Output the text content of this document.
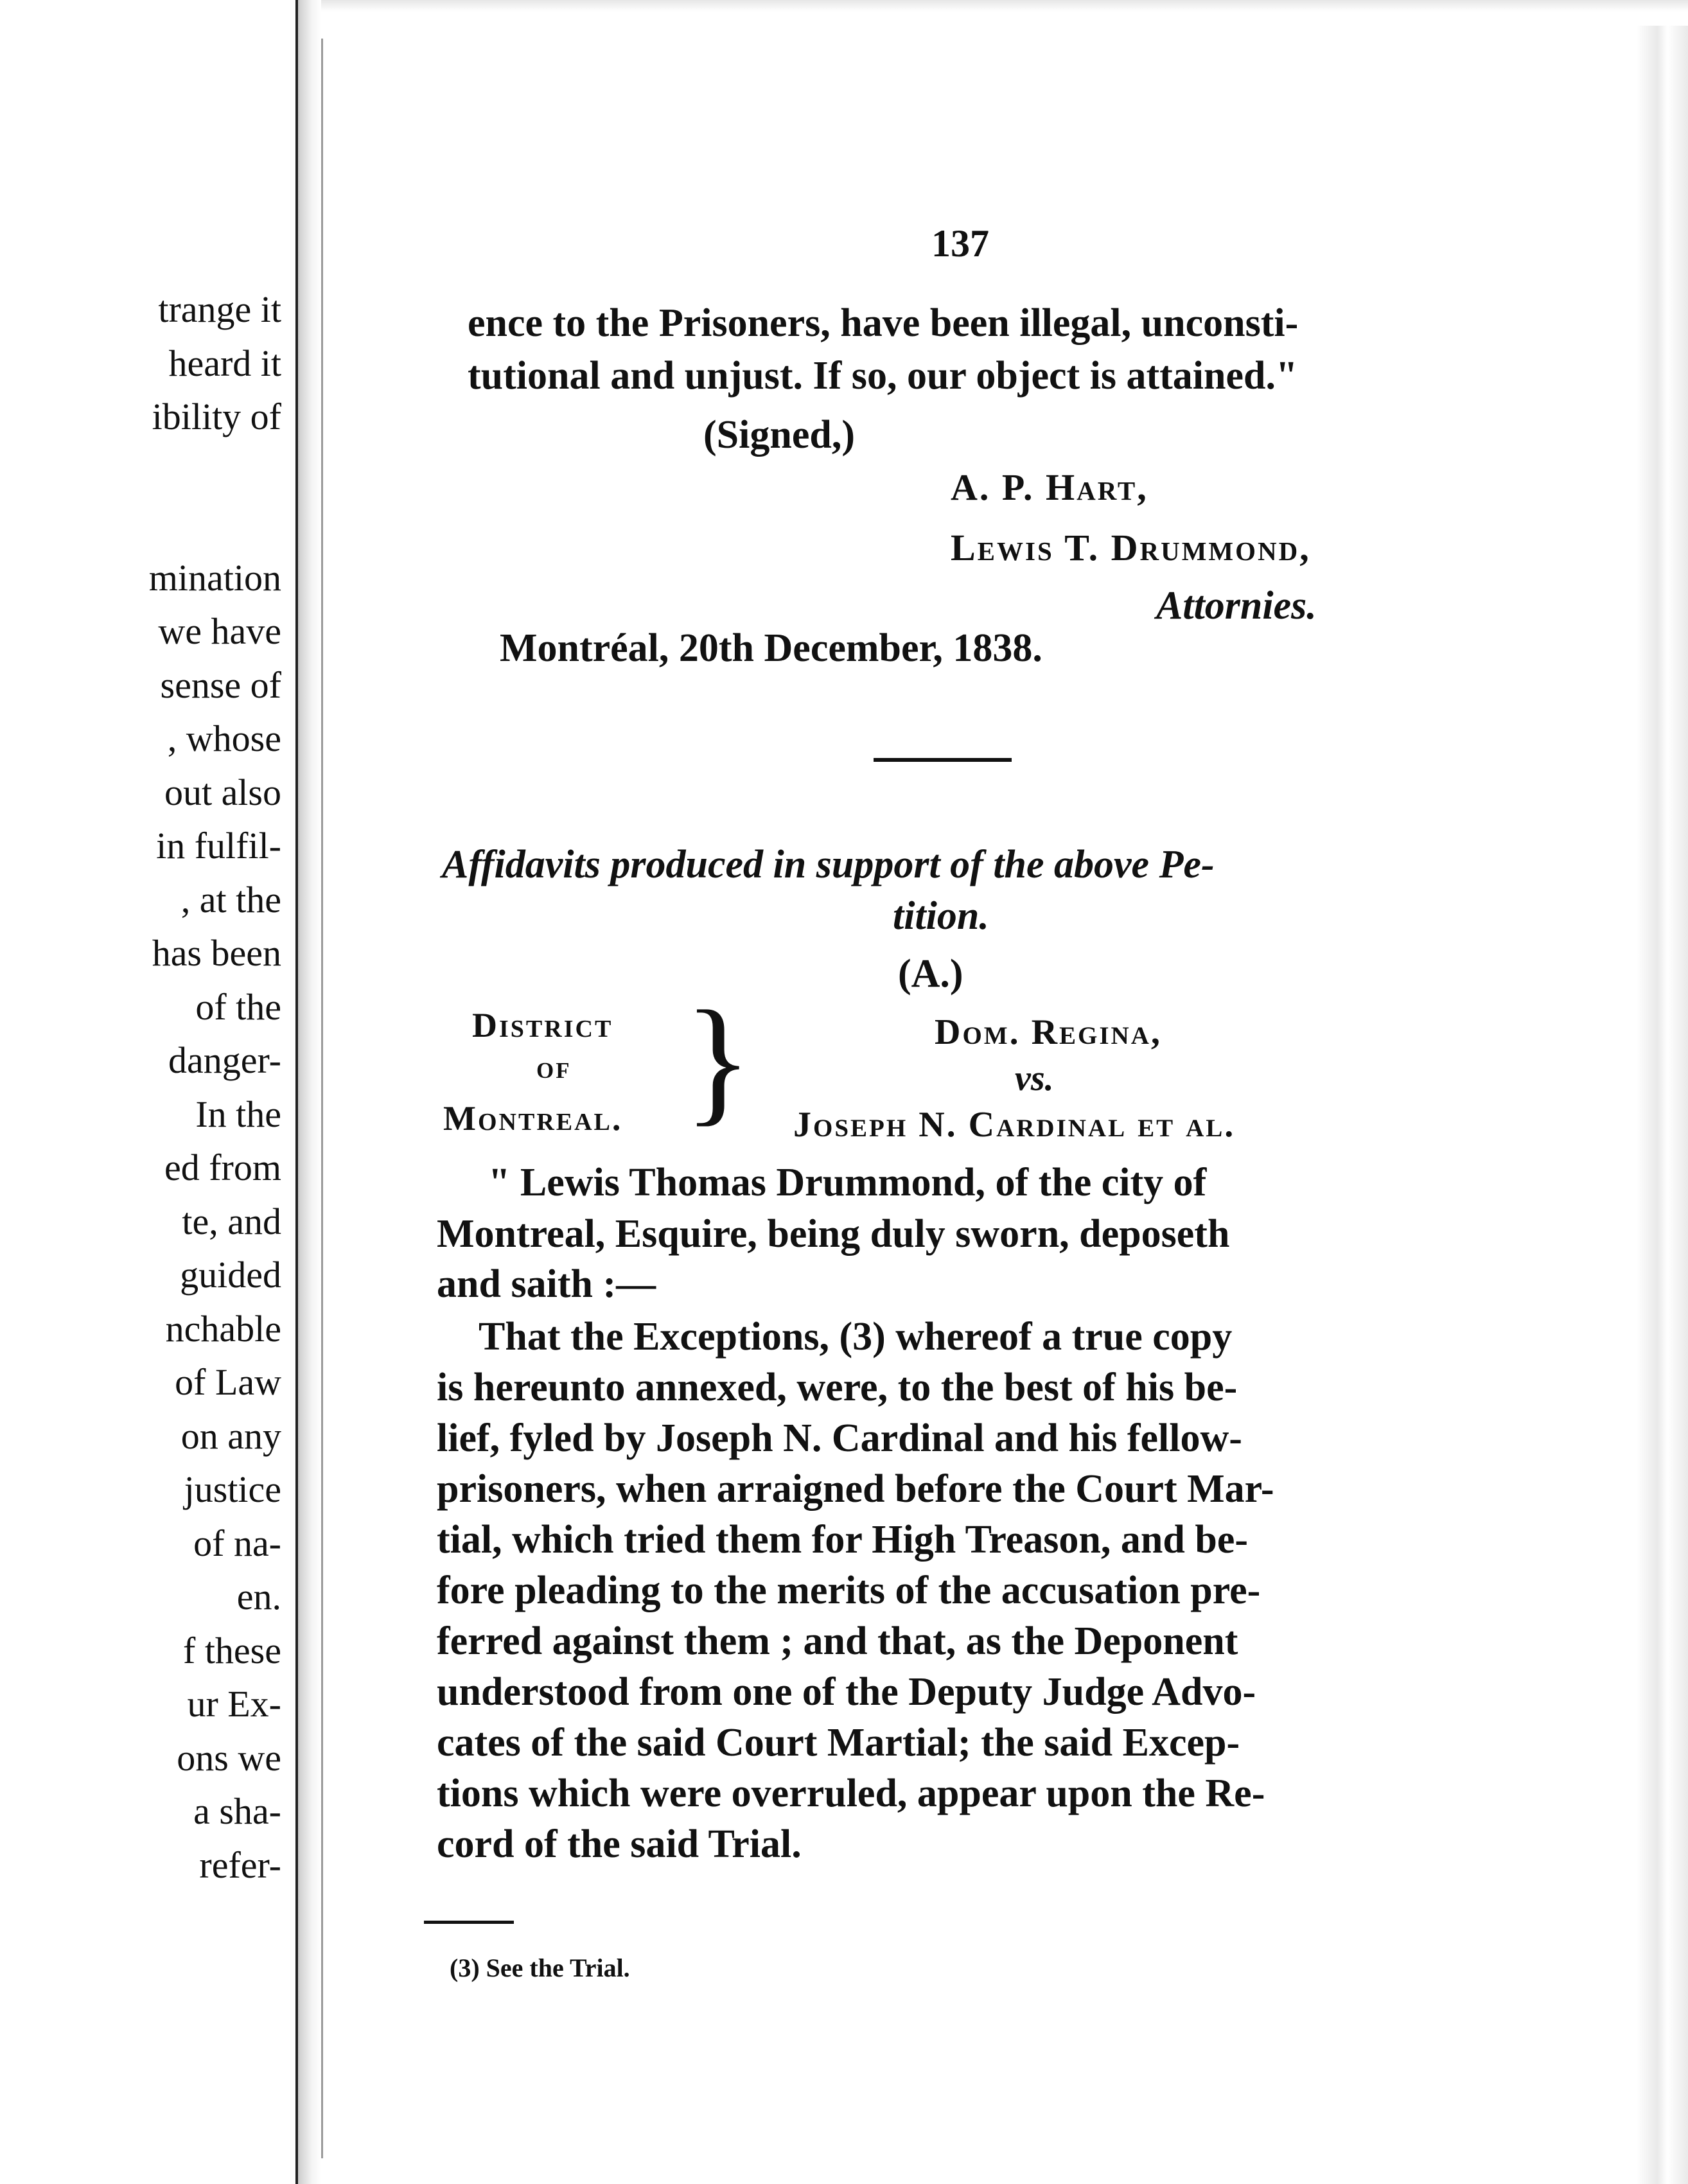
trange it
heard it
ibility of
mination
we have
sense of
, whose
out also
in fulfil-
, at the
has been
of the
danger-
In the
ed from
te, and
guided
nchable
of Law
on any
justice
of na-
en.
f these
ur Ex-
ons we
a sha-
refer-
137

ence to the Prisoners, have been illegal, unconsti-

tutional and unjust. If so, our object is attained."

(Signed,)

A. P. Hart,

Lewis T. Drummond,

Attornies.

Montréal, 20th December, 1838.

Affidavits produced in support of the above Pe-

tition.

(A.)

District

of

Montreal. }	Dom. Regina,

vs.

Joseph N. Cardinal et al.

" Lewis Thomas Drummond, of the city of

Montreal, Esquire, being duly sworn, deposeth

and saith :—

That the Exceptions, (3) whereof a true copy

is hereunto annexed, were, to the best of his be-

lief, fyled by Joseph N. Cardinal and his fellow-

prisoners, when arraigned before the Court Mar-

tial, which tried them for High Treason, and be-

fore pleading to the merits of the accusation pre-

ferred against them ; and that, as the Deponent

understood from one of the Deputy Judge Advo-

cates of the said Court Martial; the said Excep-

tions which were overruled, appear upon the Re-

cord of the said Trial.

(3) See the Trial.
